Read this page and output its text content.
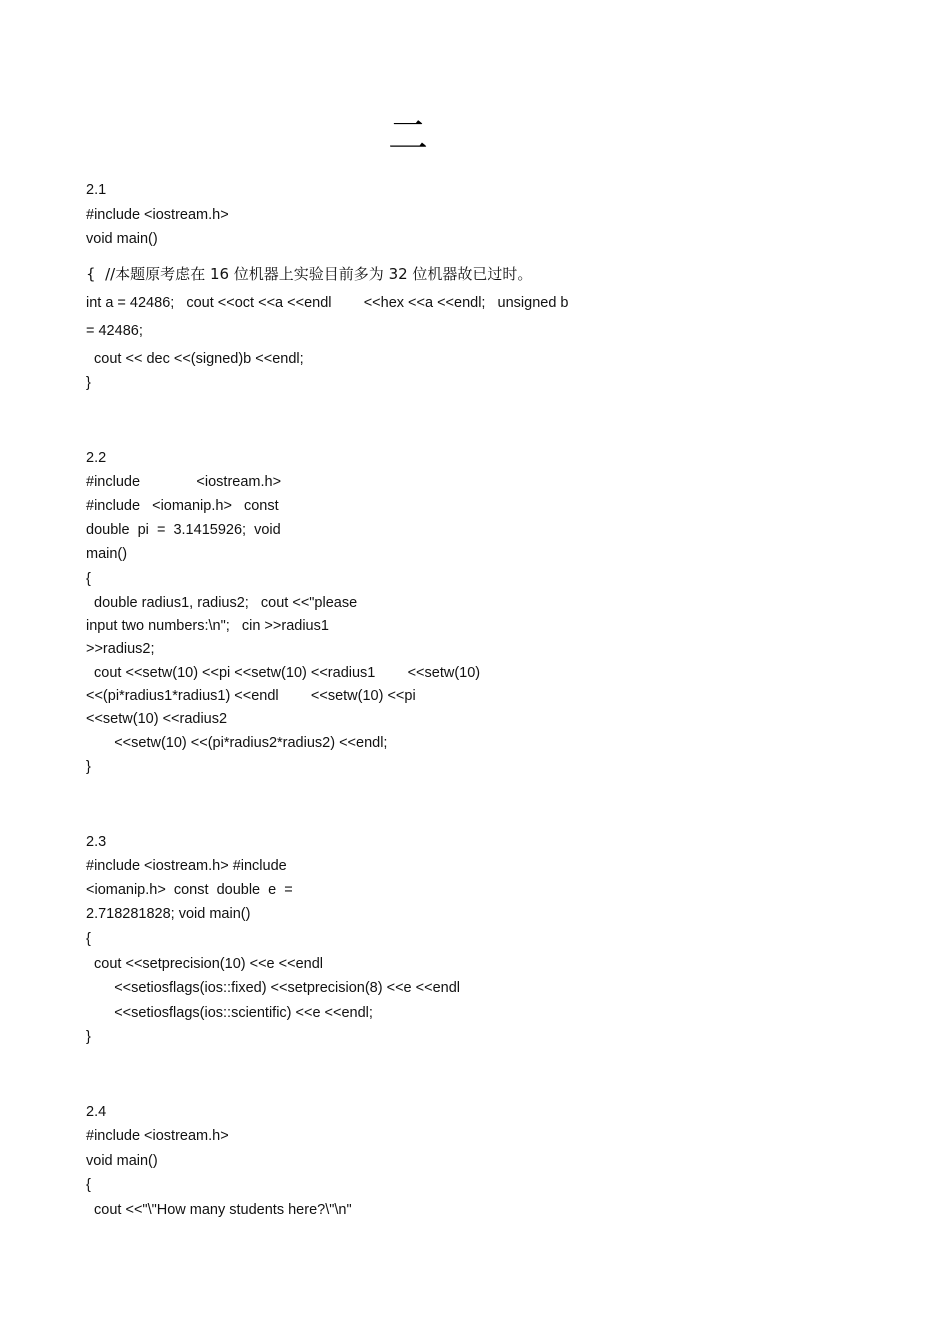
二
2.1
#include <iostream.h>
void main()
{  //本题原考虑在 16 位机器上实验目前多为 32 位机器故已过时。
int a = 42486;   cout <<oct <<a <<endl        <<hex <<a <<endl;   unsigned b
= 42486;
cout << dec <<(signed)b <<endl;
}
2.2
#include              <iostream.h>
#include   <iomanip.h>   const
double  pi  =  3.1415926;  void
main()
{
double radius1, radius2;   cout <<"please
input two numbers:\n";   cin >>radius1
>>radius2;
cout <<setw(10) <<pi <<setw(10) <<radius1        <<setw(10)
<<(pi*radius1*radius1) <<endl        <<setw(10) <<pi
<<setw(10) <<radius2
<<setw(10) <<(pi*radius2*radius2) <<endl;
}
2.3
#include <iostream.h> #include
<iomanip.h>  const  double  e  =
2.718281828; void main()
{
cout <<setprecision(10) <<e <<endl
<<setiosflags(ios::fixed) <<setprecision(8) <<e <<endl
<<setiosflags(ios::scientific) <<e <<endl;
}
2.4
#include <iostream.h>
void main()
{
cout <<"\"How many students here?\"\n"
